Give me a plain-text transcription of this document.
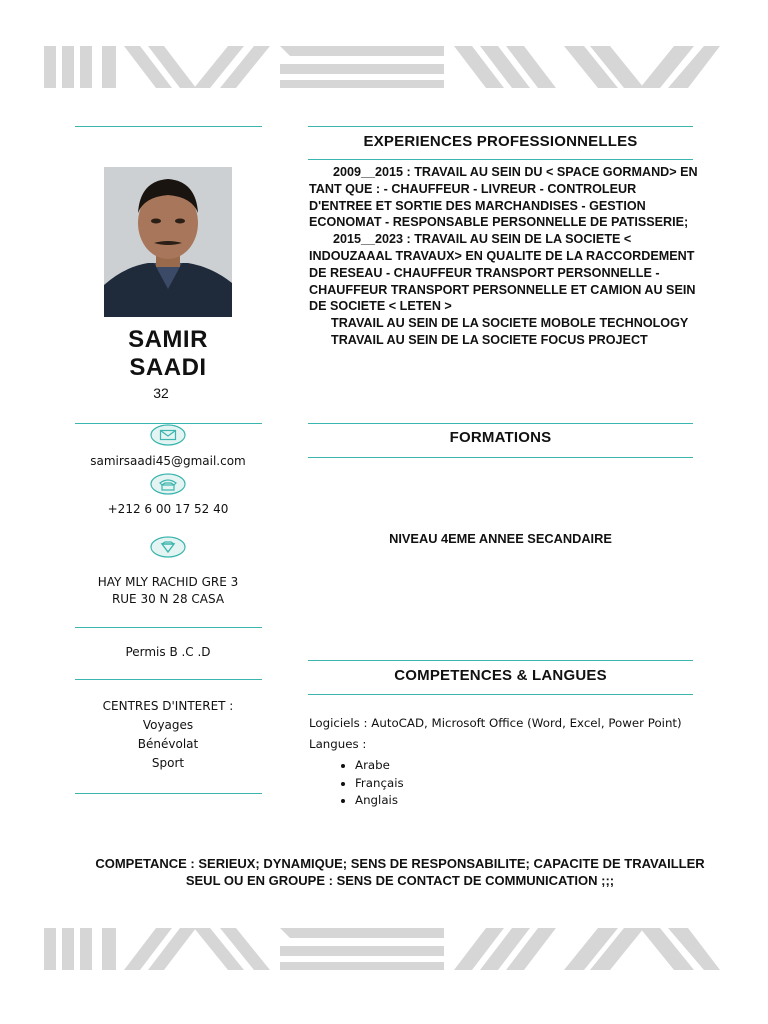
SAMIR
SAADI
32
samirsaadi45@gmail.com
+212 6 00 17 52 40
HAY MLY RACHID GRE 3
RUE 30 N 28 CASA
Permis B .C .D
CENTRES D'INTERET :
Voyages
Bénévolat
Sport
EXPERIENCES PROFESSIONNELLES

2009__2015 : TRAVAIL AU SEIN DU < SPACE GORMAND> EN TANT QUE : - CHAUFFEUR - LIVREUR - CONTROLEUR D'ENTREE ET SORTIE DES MARCHANDISES - GESTION ECONOMAT - RESPONSABLE PERSONNELLE DE PATISSERIE;

2015__2023 : TRAVAIL AU SEIN DE LA SOCIETE < INDOUZAAAL TRAVAUX> EN QUALITE DE LA RACCORDEMENT DE RESEAU - CHAUFFEUR TRANSPORT PERSONNELLE - CHAUFFEUR TRANSPORT PERSONNELLE ET CAMION AU SEIN DE SOCIETE < LETEN >

TRAVAIL AU SEIN DE LA SOCIETE MOBOLE TECHNOLOGY

TRAVAIL AU SEIN DE LA SOCIETE FOCUS PROJECT

FORMATIONS
NIVEAU 4EME ANNEE SECANDAIRE
COMPETENCES & LANGUES
Logiciels : AutoCAD, Microsoft Office (Word, Excel, Power Point)
Langues :
• Arabe
• Français
• Anglais
COMPETANCE : SERIEUX; DYNAMIQUE; SENS DE RESPONSABILITE; CAPACITE DE TRAVAILLER SEUL OU EN GROUPE : SENS DE CONTACT DE COMMUNICATION ;;;
